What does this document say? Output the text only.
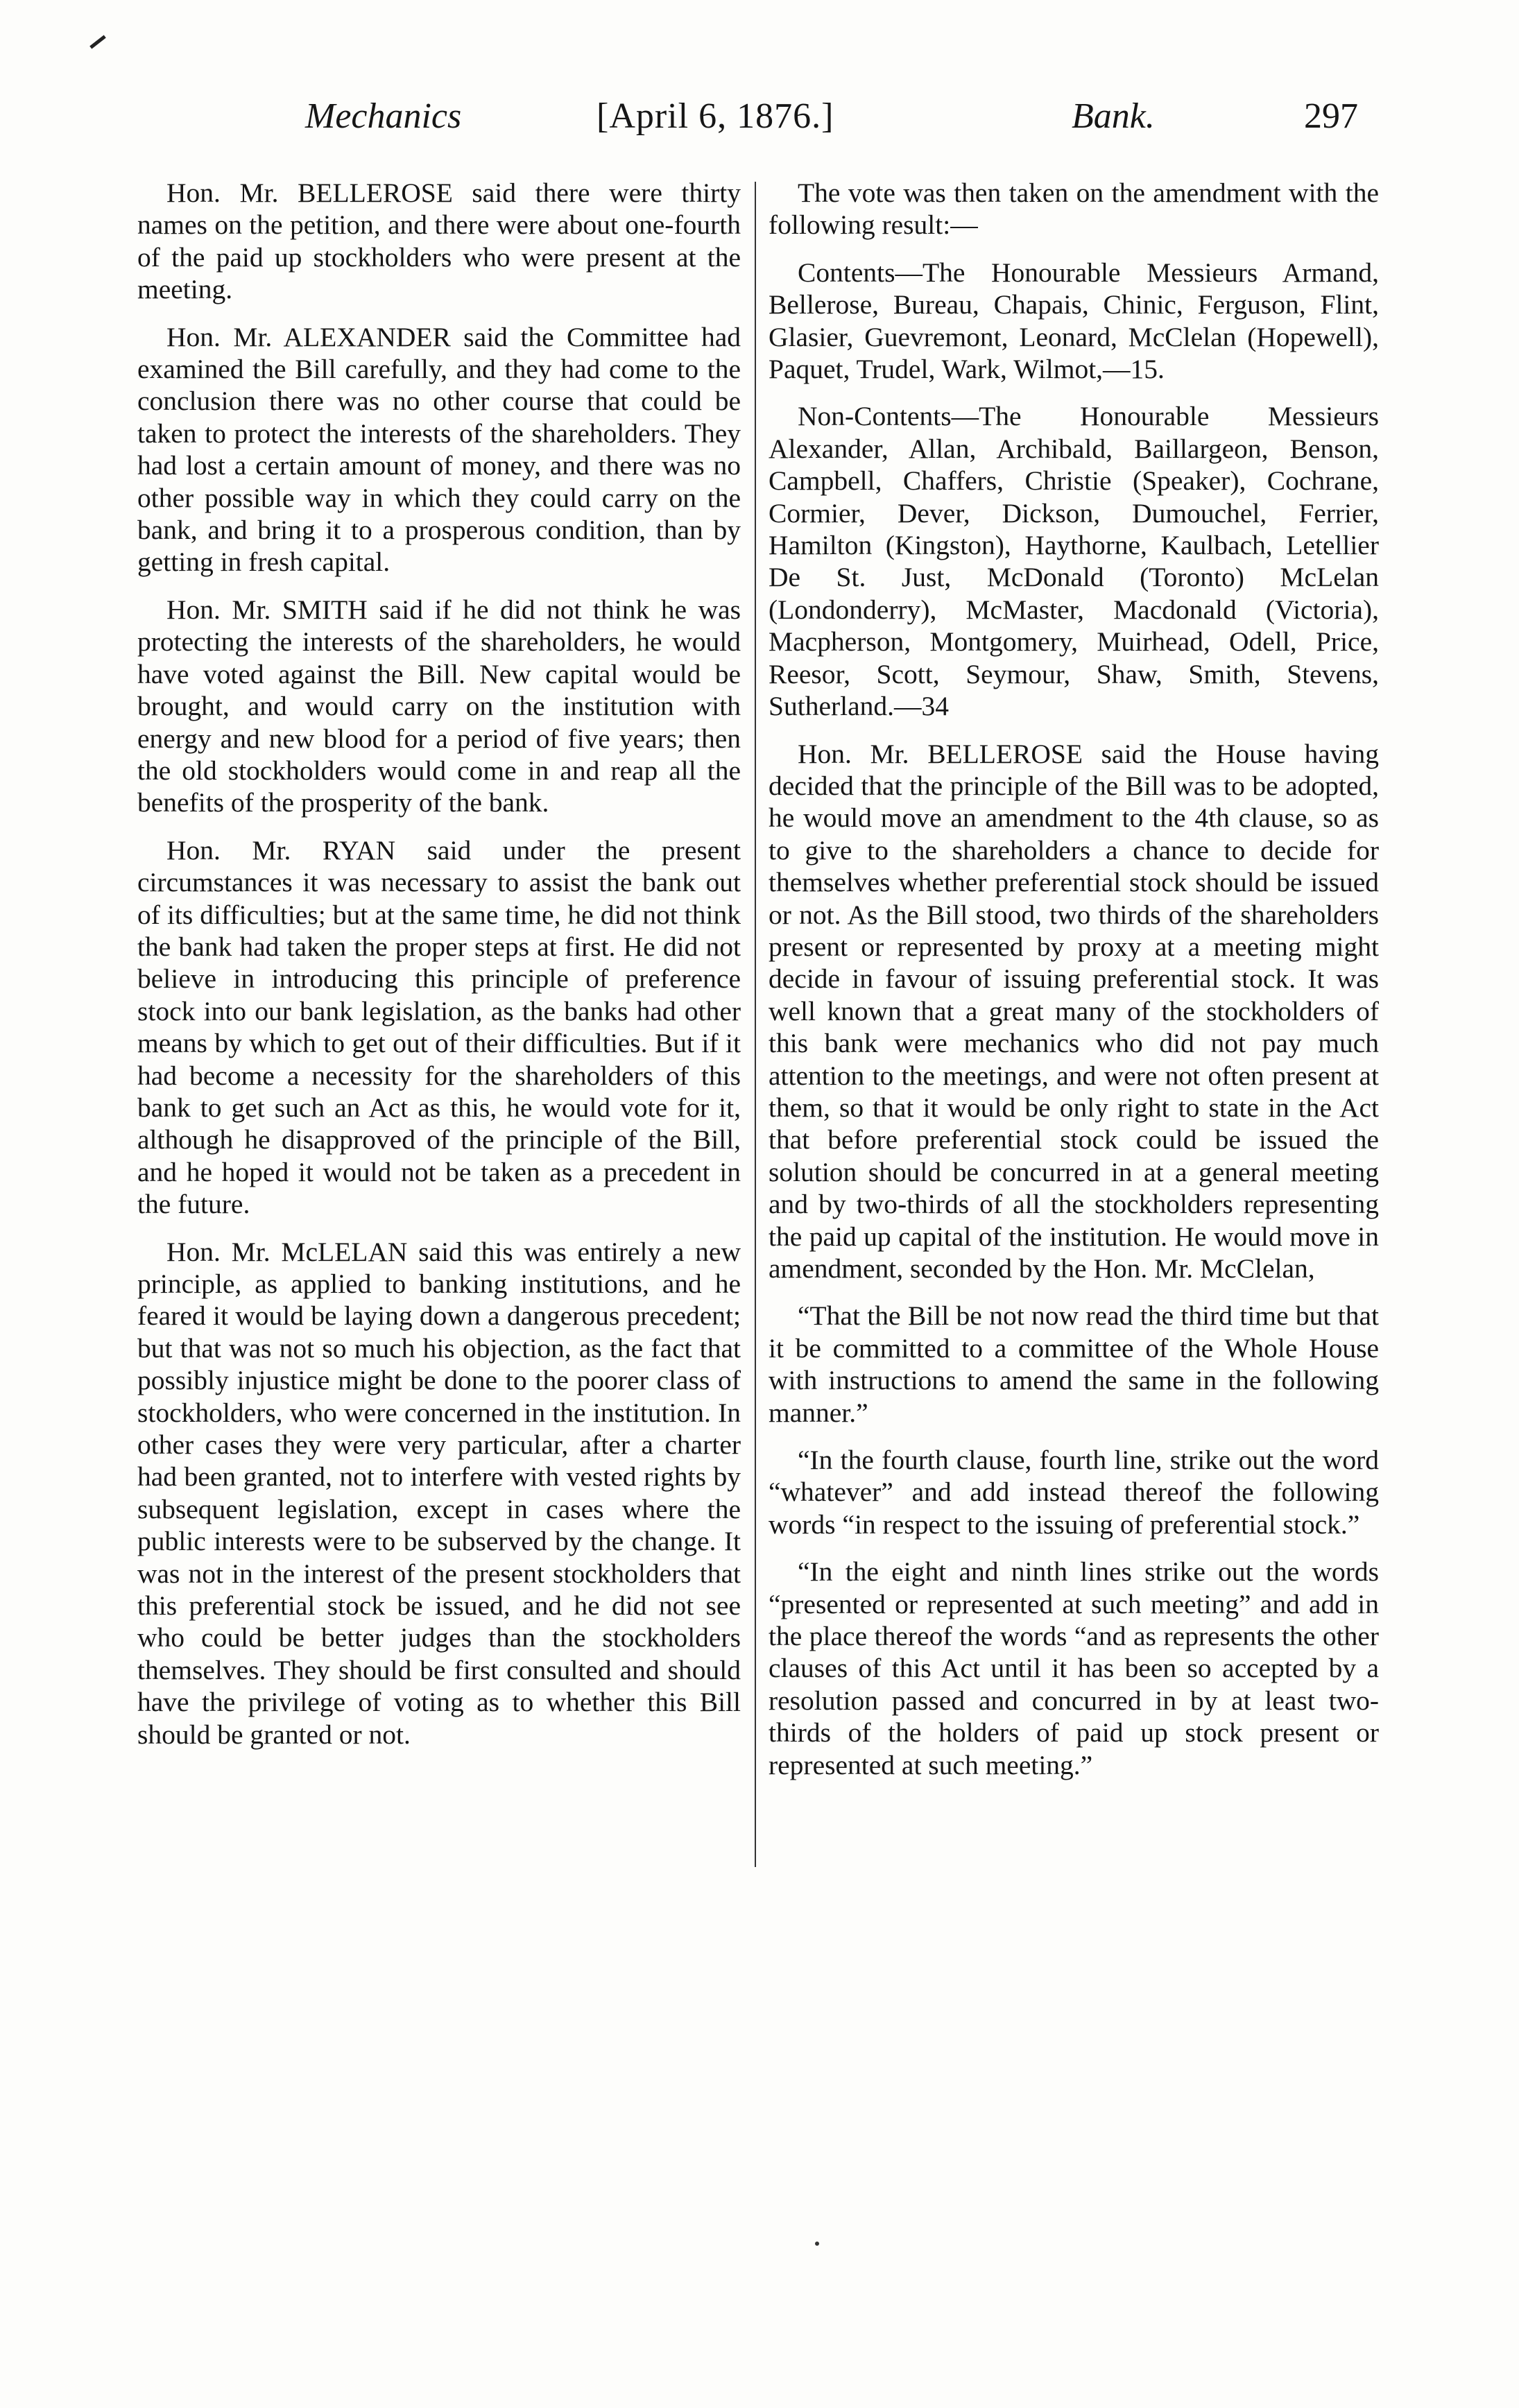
Mechanics	[April 6, 1876.]	Bank.	297

Hon. Mr. BELLEROSE said there were thirty names on the petition, and there were about one-fourth of the paid up stockholders who were present at the meeting.

Hon. Mr. ALEXANDER said the Committee had examined the Bill carefully, and they had come to the conclusion there was no other course that could be taken to protect the interests of the shareholders. They had lost a certain amount of money, and there was no other possible way in which they could carry on the bank, and bring it to a prosperous condition, than by getting in fresh capital.

Hon. Mr. SMITH said if he did not think he was protecting the interests of the shareholders, he would have voted against the Bill. New capital would be brought, and would carry on the institution with energy and new blood for a period of five years; then the old stockholders would come in and reap all the benefits of the prosperity of the bank.

Hon. Mr. RYAN said under the present circumstances it was necessary to assist the bank out of its difficulties; but at the same time, he did not think the bank had taken the proper steps at first. He did not believe in introducing this principle of preference stock into our bank legislation, as the banks had other means by which to get out of their difficulties. But if it had become a necessity for the shareholders of this bank to get such an Act as this, he would vote for it, although he disapproved of the principle of the Bill, and he hoped it would not be taken as a precedent in the future.

Hon. Mr. McLELAN said this was entirely a new principle, as applied to banking institutions, and he feared it would be laying down a dangerous precedent; but that was not so much his objection, as the fact that possibly injustice might be done to the poorer class of stockholders, who were concerned in the institution. In other cases they were very particular, after a charter had been granted, not to interfere with vested rights by subsequent legislation, except in cases where the public interests were to be subserved by the change. It was not in the interest of the present stockholders that this preferential stock be issued, and he did not see who could be better judges than the stockholders themselves. They should be first consulted and should have the privilege of voting as to whether this Bill should be granted or not.

The vote was then taken on the amendment with the following result:—

Contents—The Honourable Messieurs Armand, Bellerose, Bureau, Chapais, Chinic, Ferguson, Flint, Glasier, Guevremont, Leonard, McClelan (Hopewell), Paquet, Trudel, Wark, Wilmot,—15.

Non-Contents—The Honourable Messieurs Alexander, Allan, Archibald, Baillargeon, Benson, Campbell, Chaffers, Christie (Speaker), Cochrane, Cormier, Dever, Dickson, Dumouchel, Ferrier, Hamilton (Kingston), Haythorne, Kaulbach, Letellier De St. Just, McDonald (Toronto) McLelan (Londonderry), McMaster, Macdonald (Victoria), Macpherson, Montgomery, Muirhead, Odell, Price, Reesor, Scott, Seymour, Shaw, Smith, Stevens, Sutherland.—34

Hon. Mr. BELLEROSE said the House having decided that the principle of the Bill was to be adopted, he would move an amendment to the 4th clause, so as to give to the shareholders a chance to decide for themselves whether preferential stock should be issued or not. As the Bill stood, two thirds of the shareholders present or represented by proxy at a meeting might decide in favour of issuing preferential stock. It was well known that a great many of the stockholders of this bank were mechanics who did not pay much attention to the meetings, and were not often present at them, so that it would be only right to state in the Act that before preferential stock could be issued the solution should be concurred in at a general meeting and by two-thirds of all the stockholders representing the paid up capital of the institution. He would move in amendment, seconded by the Hon. Mr. McClelan,

“That the Bill be not now read the third time but that it be committed to a committee of the Whole House with instructions to amend the same in the following manner.”

“In the fourth clause, fourth line, strike out the word “whatever” and add instead thereof the following words “in respect to the issuing of preferential stock.”

“In the eight and ninth lines strike out the words “presented or represented at such meeting” and add in the place thereof the words “and as represents the other clauses of this Act until it has been so accepted by a resolution passed and concurred in by at least two-thirds of the holders of paid up stock present or represented at such meeting.”
